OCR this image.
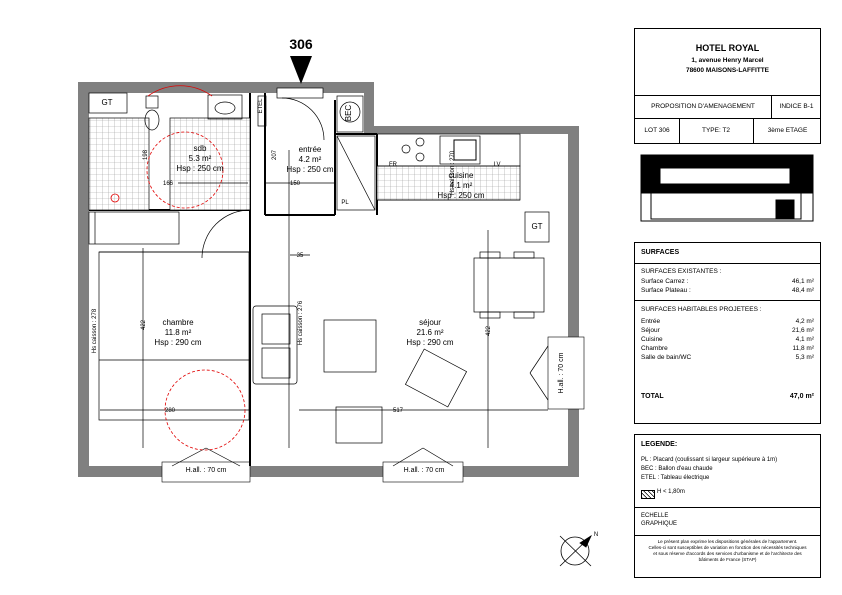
306
sdb
5.3 m²
Hsp : 250 cm
entrée
4.2 m²
Hsp : 250 cm
cuisine
4.1 m²
Hsp : 250 cm
chambre
11.8 m²
Hsp : 290 cm
séjour
21.6 m²
Hsp : 290 cm
GT
GT
BEC
ETEL
PL
FR	LV
150
35
517
280
422
422
207
166
198
Hs caisson : 276
Hs caisson : 278
Hs caisson : 270
H.all. : 70 cm	H.all. : 70 cm
H.all. : 70 cm
N
HOTEL ROYAL
1, avenue Henry Marcel
78600 MAISONS-LAFFITTE
PROPOSITION D'AMENAGEMENT	INDICE B-1
LOT 306	TYPE: T2	3ème ETAGE
SURFACES
SURFACES EXISTANTES :
Surface Carrez :	46,1 m²
Surface Plateau :	48,4 m²
SURFACES HABITABLES PROJETEES :
Entrée	4,2 m²
Séjour	21,6 m²
Cuisine	4,1 m²
Chambre	11,8 m²
Salle de bain/WC	5,3 m²
TOTAL	47,0 m²
LEGENDE:
PL : Placard (coulissant si largeur supérieure à 1m)
BEC : Ballon d'eau chaude
ETEL : Tableau électrique
H < 1,80m
ECHELLE
GRAPHIQUE
Le présent plan exprime les dispositions générales de l'appartement.
Celles-ci sont susceptibles de variation en fonction des nécessités techniques
et sous réserve d'accords des services d'urbanisme et de l'architecte des
bâtiments de France (STAP)
